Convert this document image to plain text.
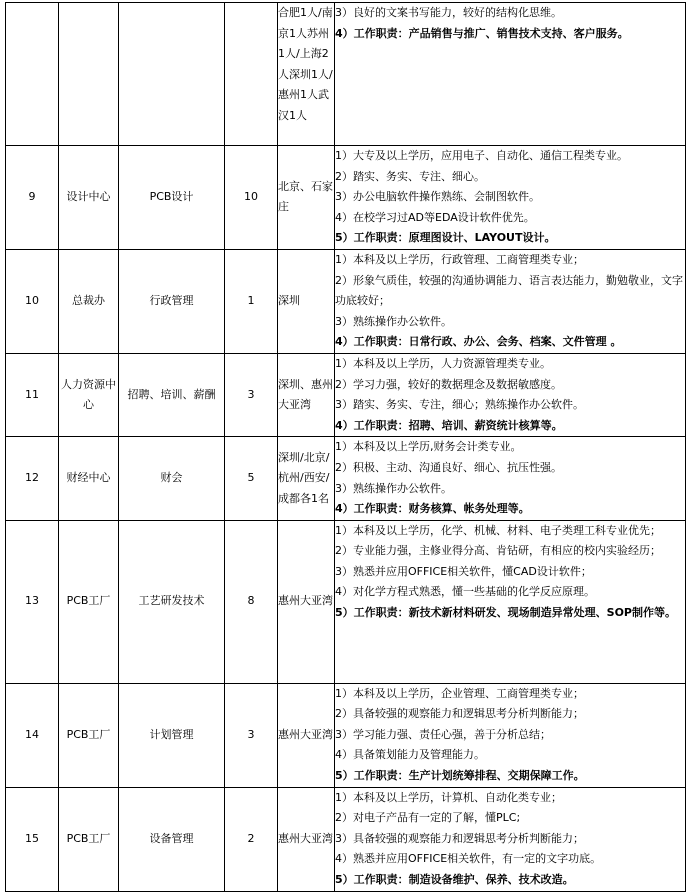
				合肥1人/南京1人苏州1人/上海2人深圳1人/惠州1人武汉1人	3）良好的文案书写能力，较好的结构化思维。
4）工作职责：产品销售与推广、销售技术支持、客户服务。

9	设计中心	PCB设计	10	北京、石家庄	1）大专及以上学历，应用电子、自动化、通信工程类专业。
2）踏实、务实、专注、细心。
3）办公电脑软件操作熟练、会制图软件。
4）在校学习过AD等EDA设计软件优先。
5）工作职责：原理图设计、LAYOUT设计。

10	总裁办	行政管理	1	深圳	1）本科及以上学历，行政管理、工商管理类专业；
2）形象气质佳，较强的沟通协调能力、语言表达能力，勤勉敬业，文字功底较好；
3）熟练操作办公软件。
4）工作职责：日常行政、办公、会务、档案、文件管理 。

11	人力资源中心	招聘、培训、薪酬	3	深圳、惠州大亚湾	1）本科及以上学历，人力资源管理类专业。
2）学习力强，较好的数据理念及数据敏感度。
3）踏实、务实、专注，细心；熟练操作办公软件。
4）工作职责：招聘、培训、薪资统计核算等。

12	财经中心	财会	5	深圳/北京/杭州/西安/成都各1名	1）本科及以上学历,财务会计类专业。
2）积极、主动、沟通良好、细心、抗压性强。
3）熟练操作办公软件。
4）工作职责：财务核算、帐务处理等。

13	PCB工厂	工艺研发技术	8	惠州大亚湾	1）本科及以上学历，化学、机械、材料、电子类理工科专业优先；
2）专业能力强，主修业得分高、肯钻研，有相应的校内实验经历；
3）熟悉并应用OFFICE相关软件，懂CAD设计软件；
4）对化学方程式熟悉，懂一些基础的化学反应原理。
5）工作职责：新技术新材料研发、现场制造异常处理、SOP制作等。

14	PCB工厂	计划管理	3	惠州大亚湾	1）本科及以上学历，企业管理、工商管理类专业；
2）具备较强的观察能力和逻辑思考分析判断能力；
3）学习能力强、责任心强，善于分析总结；
4）具备策划能力及管理能力。
5）工作职责：生产计划统筹排程、交期保障工作。

15	PCB工厂	设备管理	2	惠州大亚湾	1）本科及以上学历，计算机、自动化类专业；
2）对电子产品有一定的了解，懂PLC;
3）具备较强的观察能力和逻辑思考分析判断能力；
4）熟悉并应用OFFICE相关软件，有一定的文字功底。
5）工作职责：制造设备维护、保养、技术改造。
